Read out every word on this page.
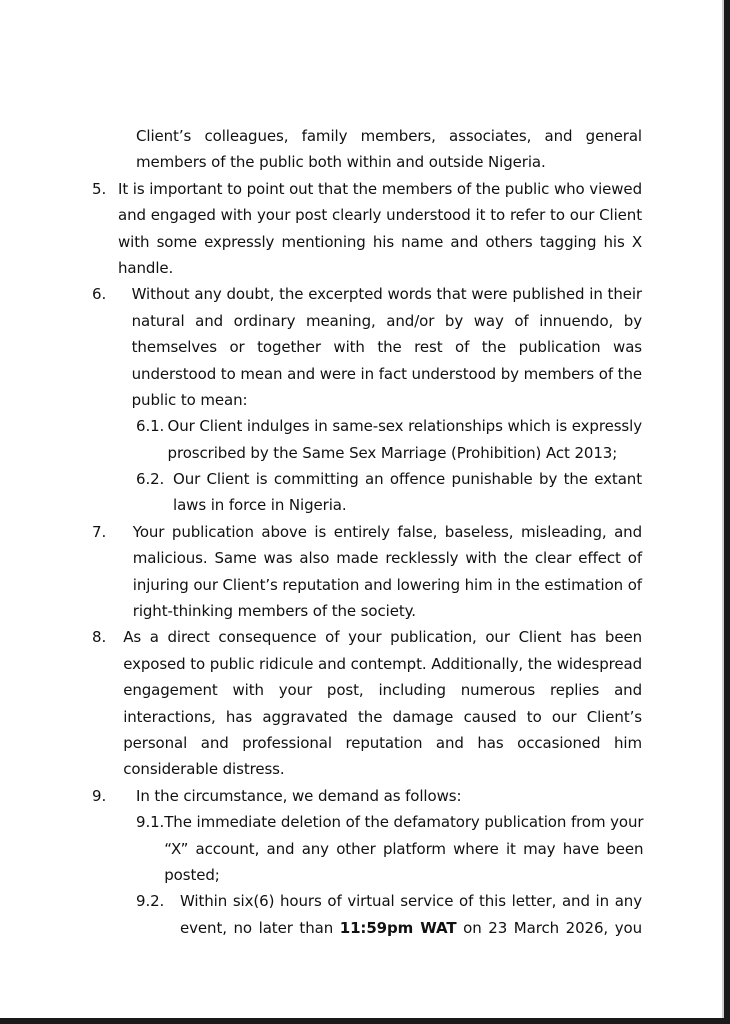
Client’s colleagues, family members, associates, and general
members of the public both within and outside Nigeria.
5. It is important to point out that the members of the public who viewed
and engaged with your post clearly understood it to refer to our Client
with some expressly mentioning his name and others tagging his X
handle.
6.	Without any doubt, the excerpted words that were published in their
natural and ordinary meaning, and/or by way of innuendo, by
themselves or together with the rest of the publication was
understood to mean and were in fact understood by members of the
public to mean:
6.1. Our Client indulges in same-sex relationships which is expressly
proscribed by the Same Sex Marriage (Prohibition) Act 2013;
6.2. Our Client is committing an offence punishable by the extant
laws in force in Nigeria.
7.	Your publication above is entirely false, baseless, misleading, and
malicious. Same was also made recklessly with the clear effect of
injuring our Client’s reputation and lowering him in the estimation of
right-thinking members of the society.
8.	As a direct consequence of your publication, our Client has been
exposed to public ridicule and contempt. Additionally, the widespread
engagement with your post, including numerous replies and
interactions, has aggravated the damage caused to our Client’s
personal and professional reputation and has occasioned him
considerable distress.
9.	In the circumstance, we demand as follows:
9.1. The immediate deletion of the defamatory publication from your
“X” account, and any other platform where it may have been
posted;
9.2.	Within six(6) hours of virtual service of this letter, and in any
event, no later than 11:59pm WAT on 23 March 2026, you
